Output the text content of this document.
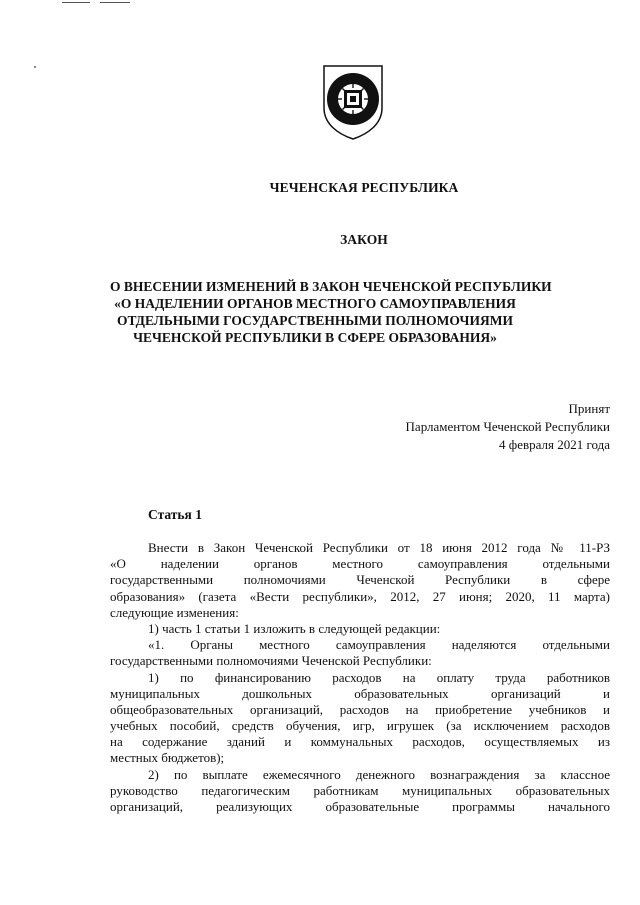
ЧЕЧЕНСКАЯ РЕСПУБЛИКА
ЗАКОН
О ВНЕСЕНИИ ИЗМЕНЕНИЙ В ЗАКОН ЧЕЧЕНСКОЙ РЕСПУБЛИКИ
«О НАДЕЛЕНИИ ОРГАНОВ МЕСТНОГО САМОУПРАВЛЕНИЯ
ОТДЕЛЬНЫМИ ГОСУДАРСТВЕННЫМИ ПОЛНОМОЧИЯМИ
ЧЕЧЕНСКОЙ РЕСПУБЛИКИ В СФЕРЕ ОБРАЗОВАНИЯ»
Принят
Парламентом Чеченской Республики
4 февраля 2021 года
Статья 1
Внести в Закон Чеченской Республики от 18 июня 2012 года № 11-РЗ
«О наделении органов местного самоуправления отдельными
государственными полномочиями Чеченской Республики в сфере
образования» (газета «Вести республики», 2012, 27 июня; 2020, 11 марта)
следующие изменения:
1) часть 1 статьи 1 изложить в следующей редакции:
«1. Органы местного самоуправления наделяются отдельными
государственными полномочиями Чеченской Республики:
1) по финансированию расходов на оплату труда работников
муниципальных дошкольных образовательных организаций и
общеобразовательных организаций, расходов на приобретение учебников и
учебных пособий, средств обучения, игр, игрушек (за исключением расходов
на содержание зданий и коммунальных расходов, осуществляемых из
местных бюджетов);
2) по выплате ежемесячного денежного вознаграждения за классное
руководство педагогическим работникам муниципальных образовательных
организаций, реализующих образовательные программы начального
